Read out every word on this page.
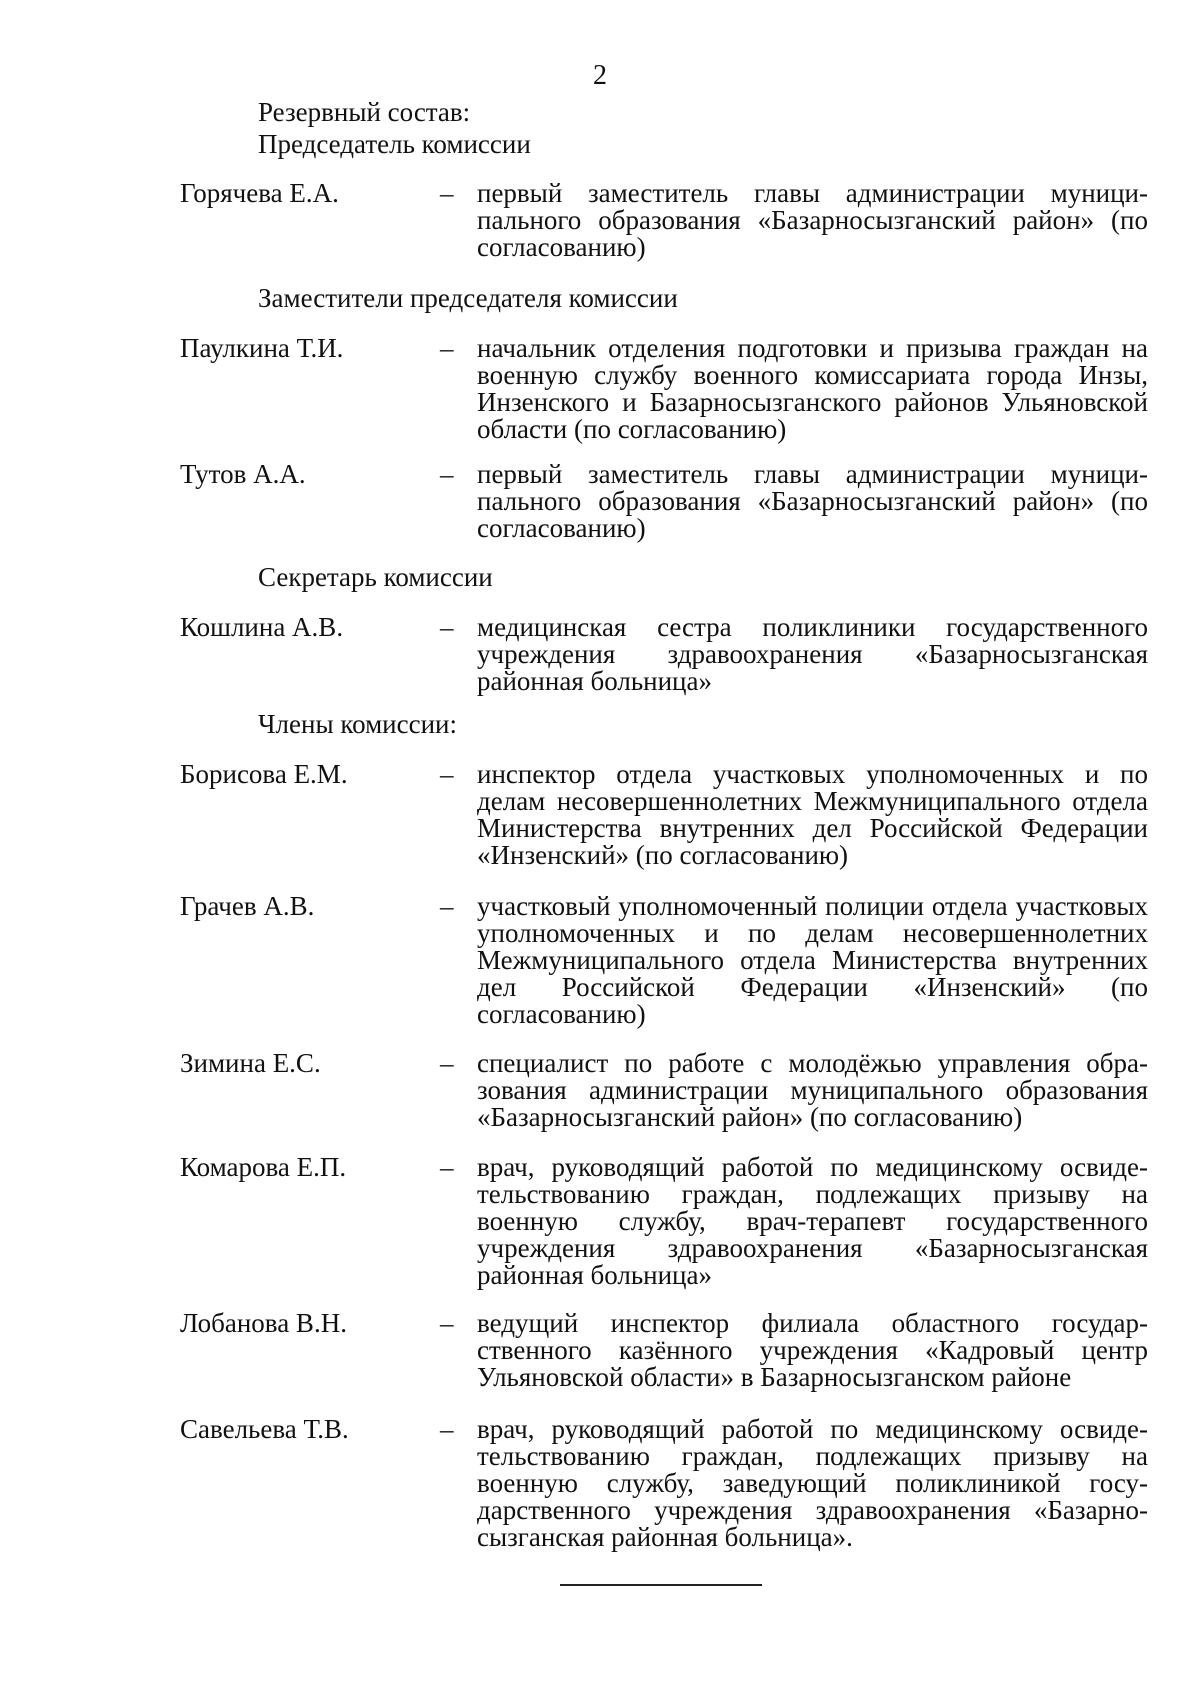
2
Резервный состав:
Председатель комиссии
Горячева Е.А.	– первый заместитель главы администрации муниципального образования «Базарносызганский район» (по согласованию)
Заместители председателя комиссии
Паулкина Т.И.	– начальник отделения подготовки и призыва граждан на военную службу военного комиссариата города Инзы, Инзенского и Базарносызганского районов Ульяновской области (по согласованию)
Тутов А.А.	– первый заместитель главы администрации муниципального образования «Базарносызганский район» (по согласованию)
Секретарь комиссии
Кошлина А.В.	– медицинская сестра поликлиники государственного учреждения здравоохранения «Базарносызганская районная больница»
Члены комиссии:
Борисова Е.М.	– инспектор отдела участковых уполномоченных и по делам несовершеннолетних Межмуниципального отдела Министерства внутренних дел Российской Федерации «Инзенский» (по согласованию)
Грачев А.В.	– участковый уполномоченный полиции отдела участковых уполномоченных и по делам несовершеннолетних Межмуниципального отдела Министерства внутренних дел Российской Федерации «Инзенский» (по согласованию)
Зимина Е.С.	– специалист по работе с молодёжью управления образования администрации муниципального образования «Базарносызганский район» (по согласованию)
Комарова Е.П.	– врач, руководящий работой по медицинскому освидетельствованию граждан, подлежащих призыву на военную службу, врач-терапевт государственного учреждения здравоохранения «Базарносызганская районная больница»
Лобанова В.Н.	– ведущий инспектор филиала областного государственного казённого учреждения «Кадровый центр Ульяновской области» в Базарносызганском районе
Савельева Т.В.	– врач, руководящий работой по медицинскому освидетельствованию граждан, подлежащих призыву на военную службу, заведующий поликлиникой государственного учреждения здравоохранения «Базарносызганская районная больница».
